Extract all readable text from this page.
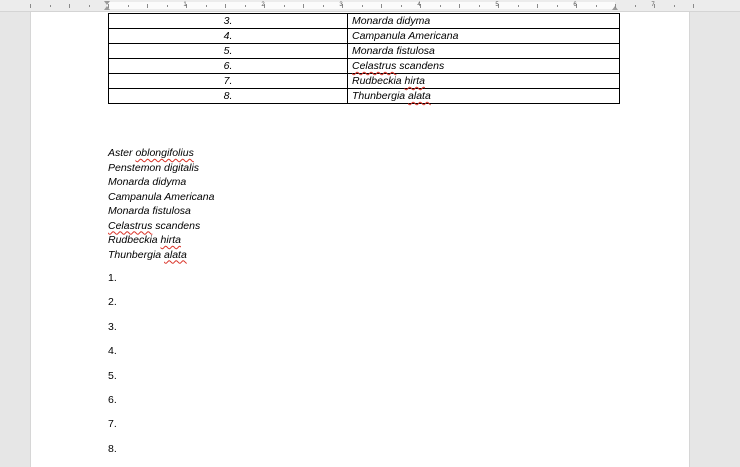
1	2	3	4	5	6	7
3.	Monarda didyma
4.	Campanula Americana
5.	Monarda fistulosa
6.	Celastrus scandens
7.	Rudbeckia hirta
8.	Thunbergia alata
Aster oblongifolius
Penstemon digitalis
Monarda didyma
Campanula Americana
Monarda fistulosa
Celastrus scandens
Rudbeckia hirta
Thunbergia alata
1.
2.
3.
4.
5.
6.
7.
8.
